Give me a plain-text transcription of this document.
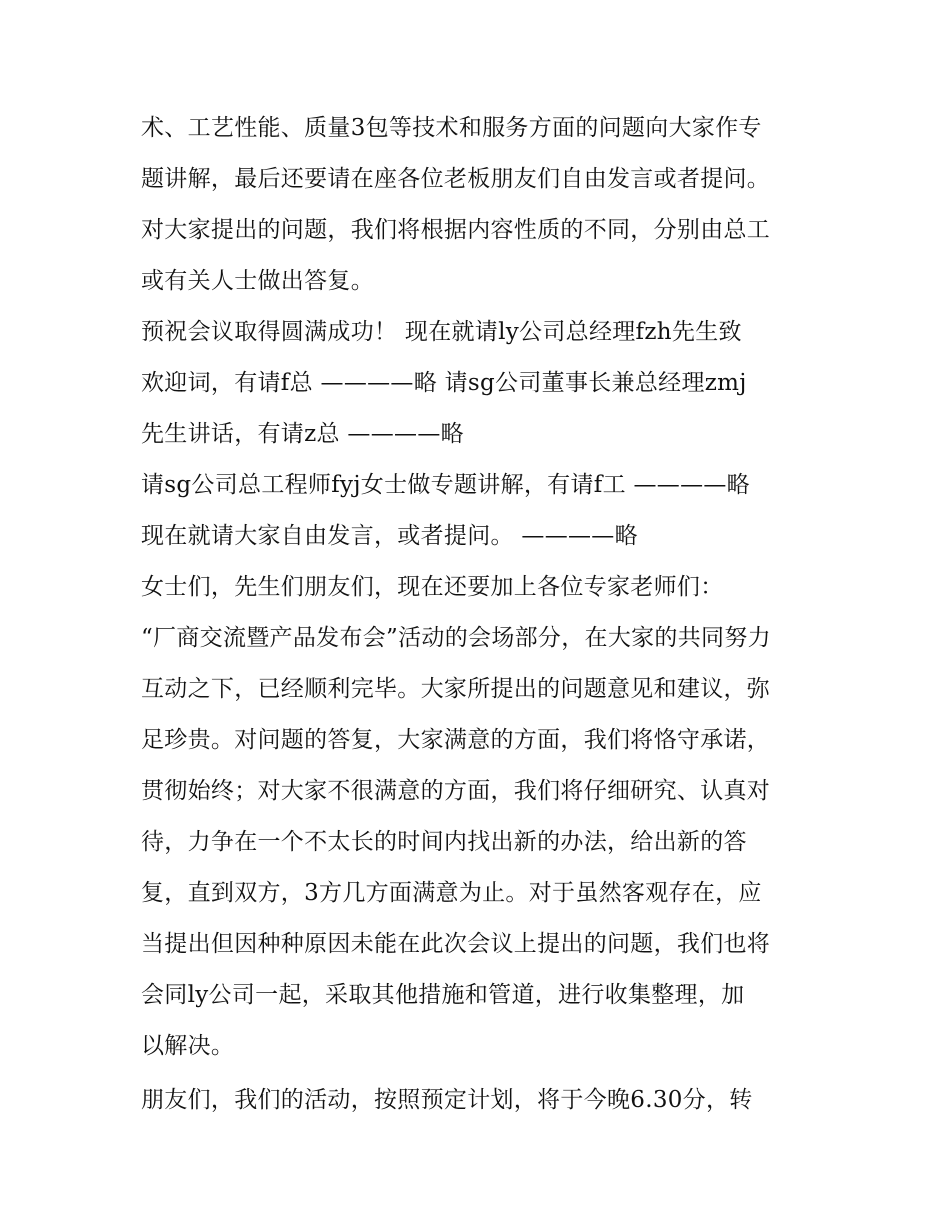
术、工艺性能、质量3包等技术和服务方面的问题向大家作专
题讲解，最后还要请在座各位老板朋友们自由发言或者提问。
对大家提出的问题，我们将根据内容性质的不同，分别由总工
或有关人士做出答复。
预祝会议取得圆满成功！ 现在就请ly公司总经理fzh先生致
欢迎词，有请f总 ————略 请sg公司董事长兼总经理zmj
先生讲话，有请z总 ————略
请sg公司总工程师fyj女士做专题讲解，有请f工 ————略
现在就请大家自由发言，或者提问。 ————略
女士们，先生们朋友们，现在还要加上各位专家老师们：
“厂商交流暨产品发布会”活动的会场部分，在大家的共同努力
互动之下，已经顺利完毕。大家所提出的问题意见和建议，弥
足珍贵。对问题的答复，大家满意的方面，我们将恪守承诺，
贯彻始终；对大家不很满意的方面，我们将仔细研究、认真对
待，力争在一个不太长的时间内找出新的办法，给出新的答
复，直到双方，3方几方面满意为止。对于虽然客观存在，应
当提出但因种种原因未能在此次会议上提出的问题，我们也将
会同ly公司一起，采取其他措施和管道，进行收集整理，加
以解决。
朋友们，我们的活动，按照预定计划，将于今晚6.30分，转
